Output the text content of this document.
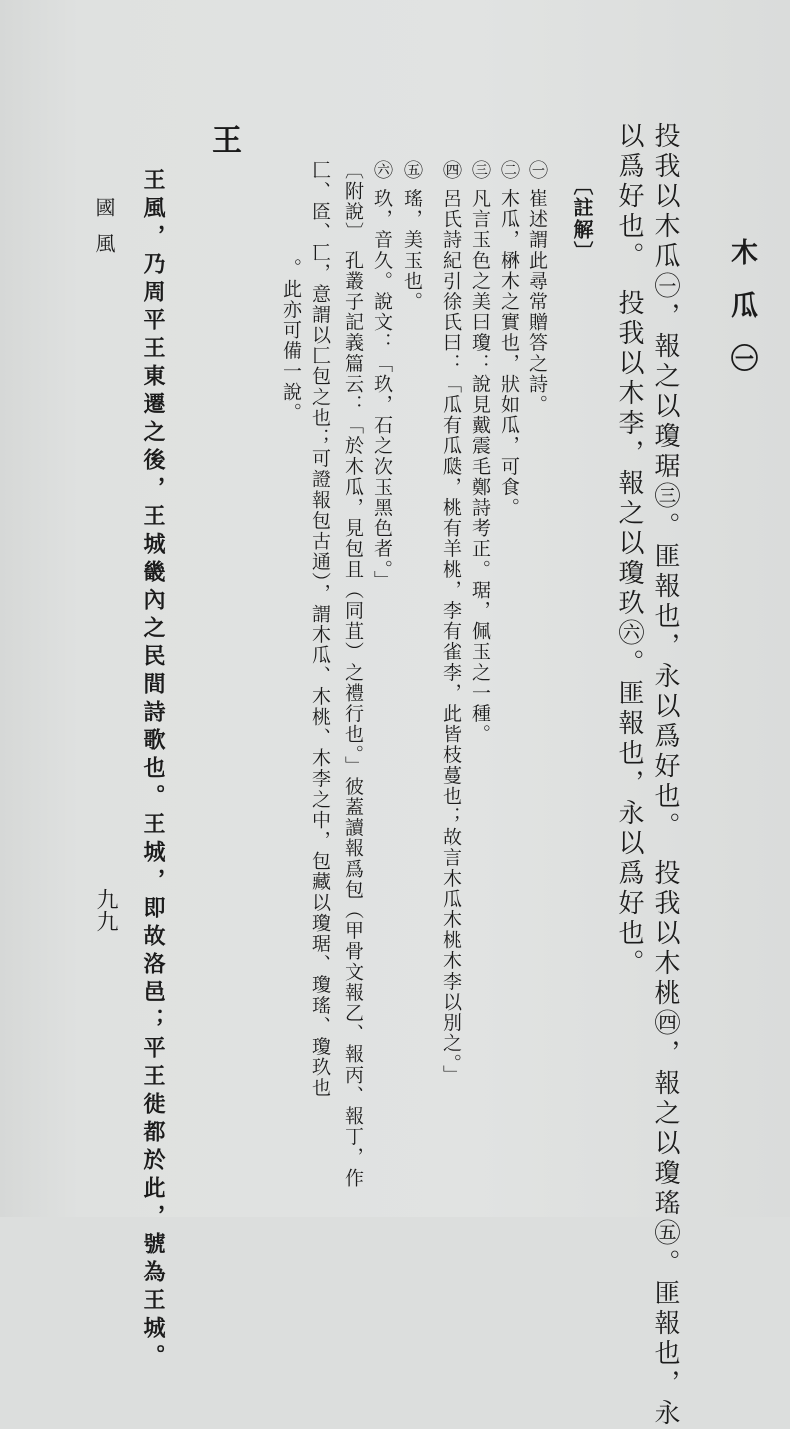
木瓜㊀
投我以木瓜㊀，報之以瓊琚㊂。匪報也，永以爲好也。　投我以木桃㊃，報之以瓊瑤㊄。匪報也，永
以爲好也。　投我以木李，報之以瓊玖㊅。匪報也，永以爲好也。
〔註解〕
㊀ 崔述謂此尋常贈答之詩。
㊁ 木瓜，楙木之實也，狀如瓜，可食。
㊂ 凡言玉色之美曰瓊：說見戴震毛鄭詩考正。琚，佩玉之一種。
㊃ 呂氏詩紀引徐氏曰：「瓜有瓜瓞，桃有羊桃，李有雀李，此皆枝蔓也；故言木瓜木桃木李以別之。」
㊄ 瑤，美玉也。
㊅ 玖，音久。說文：「玖，石之次玉黑色者。」
〔附說〕 孔叢子記義篇云：「於木瓜，見包且（同苴）之禮行也。」彼蓋讀報爲包（甲骨文報乙、報丙、報丁，作
匚、匼、匸，意謂以匚包之也；可證報包古通），謂木瓜、木桃、木李之中，包藏以瓊琚、瓊瑤、瓊玖也
。此亦可備一說。
王
王風，乃周平王東遷之後，王城畿內之民間詩歌也。王城，即故洛邑；平王徙都於此，號為王城。
國風
九九
